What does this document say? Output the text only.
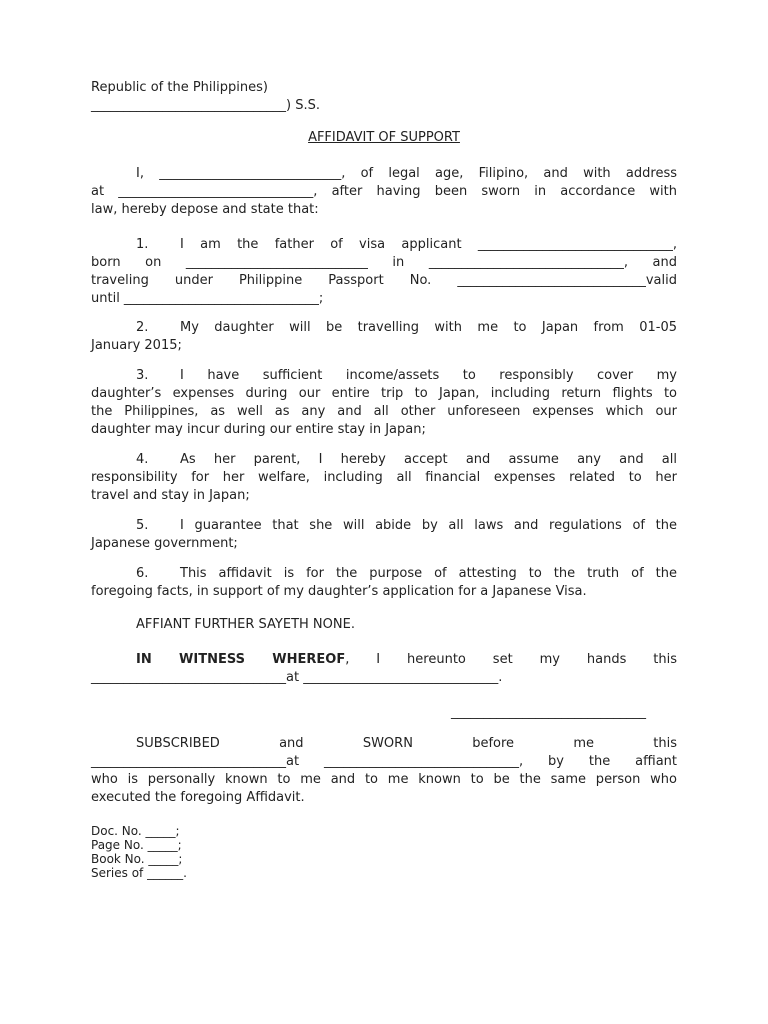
Republic of the Philippines)
______________________________) S.S.
AFFIDAVIT OF SUPPORT
I, ____________________________, of legal age, Filipino, and with address
at ______________________________, after having been sworn in accordance with
law, hereby depose and state that:
1. I am the father of visa applicant ______________________________,
born on ____________________________ in ______________________________, and
traveling under Philippine Passport No. _____________________________valid
until ______________________________;
2. My daughter will be travelling with me to Japan from 01-05
January 2015;
3. I have sufficient income/assets to responsibly cover my
daughter’s expenses during our entire trip to Japan, including return flights to
the Philippines, as well as any and all other unforeseen expenses which our
daughter may incur during our entire stay in Japan;
4. As her parent, I hereby accept and assume any and all
responsibility for her welfare, including all financial expenses related to her
travel and stay in Japan;
5. I guarantee that she will abide by all laws and regulations of the
Japanese government;
6. This affidavit is for the purpose of attesting to the truth of the
foregoing facts, in support of my daughter’s application for a Japanese Visa.
AFFIANT FURTHER SAYETH NONE.
IN WITNESS WHEREOF, I hereunto set my hands this
______________________________at ______________________________.
______________________________
SUBSCRIBED and SWORN before me this
______________________________at ______________________________, by the affiant
who is personally known to me and to me known to be the same person who
executed the foregoing Affidavit.
Doc. No. _____;
Page No. _____;
Book No. _____;
Series of ______.
